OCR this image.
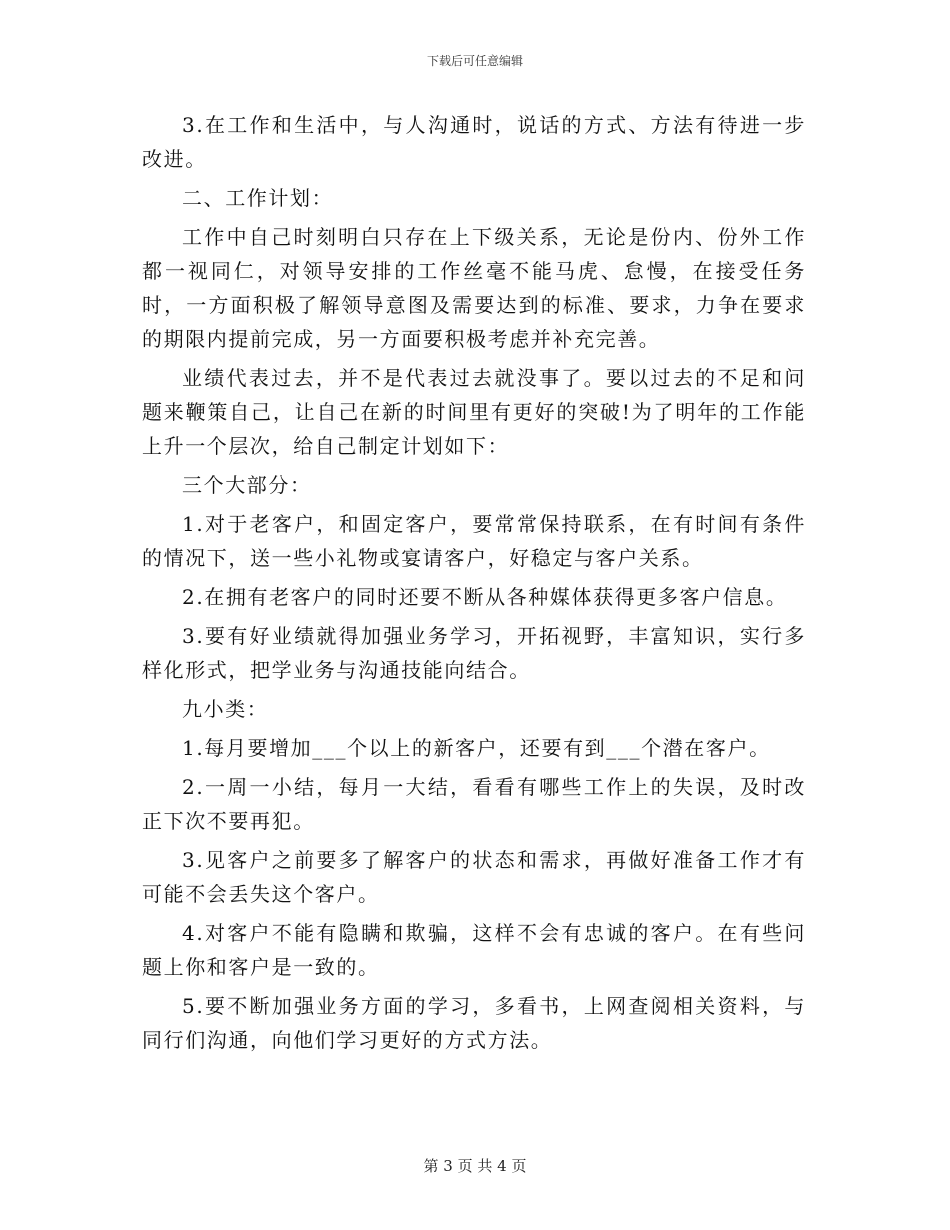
下载后可任意编辑

3.在工作和生活中，与人沟通时，说话的方式、方法有待进一步改进。

二、工作计划：

工作中自己时刻明白只存在上下级关系，无论是份内、份外工作都一视同仁，对领导安排的工作丝毫不能马虎、怠慢，在接受任务时，一方面积极了解领导意图及需要达到的标准、要求，力争在要求的期限内提前完成，另一方面要积极考虑并补充完善。

业绩代表过去，并不是代表过去就没事了。要以过去的不足和问题来鞭策自己，让自己在新的时间里有更好的突破!为了明年的工作能上升一个层次，给自己制定计划如下：

三个大部分：

1.对于老客户，和固定客户，要常常保持联系，在有时间有条件的情况下，送一些小礼物或宴请客户，好稳定与客户关系。

2.在拥有老客户的同时还要不断从各种媒体获得更多客户信息。

3.要有好业绩就得加强业务学习，开拓视野，丰富知识，实行多样化形式，把学业务与沟通技能向结合。

九小类：

1.每月要增加___个以上的新客户，还要有到___个潜在客户。

2.一周一小结，每月一大结，看看有哪些工作上的失误，及时改正下次不要再犯。

3.见客户之前要多了解客户的状态和需求，再做好准备工作才有可能不会丢失这个客户。

4.对客户不能有隐瞒和欺骗，这样不会有忠诚的客户。在有些问题上你和客户是一致的。

5.要不断加强业务方面的学习，多看书，上网查阅相关资料，与同行们沟通，向他们学习更好的方式方法。

第 3 页 共 4 页
